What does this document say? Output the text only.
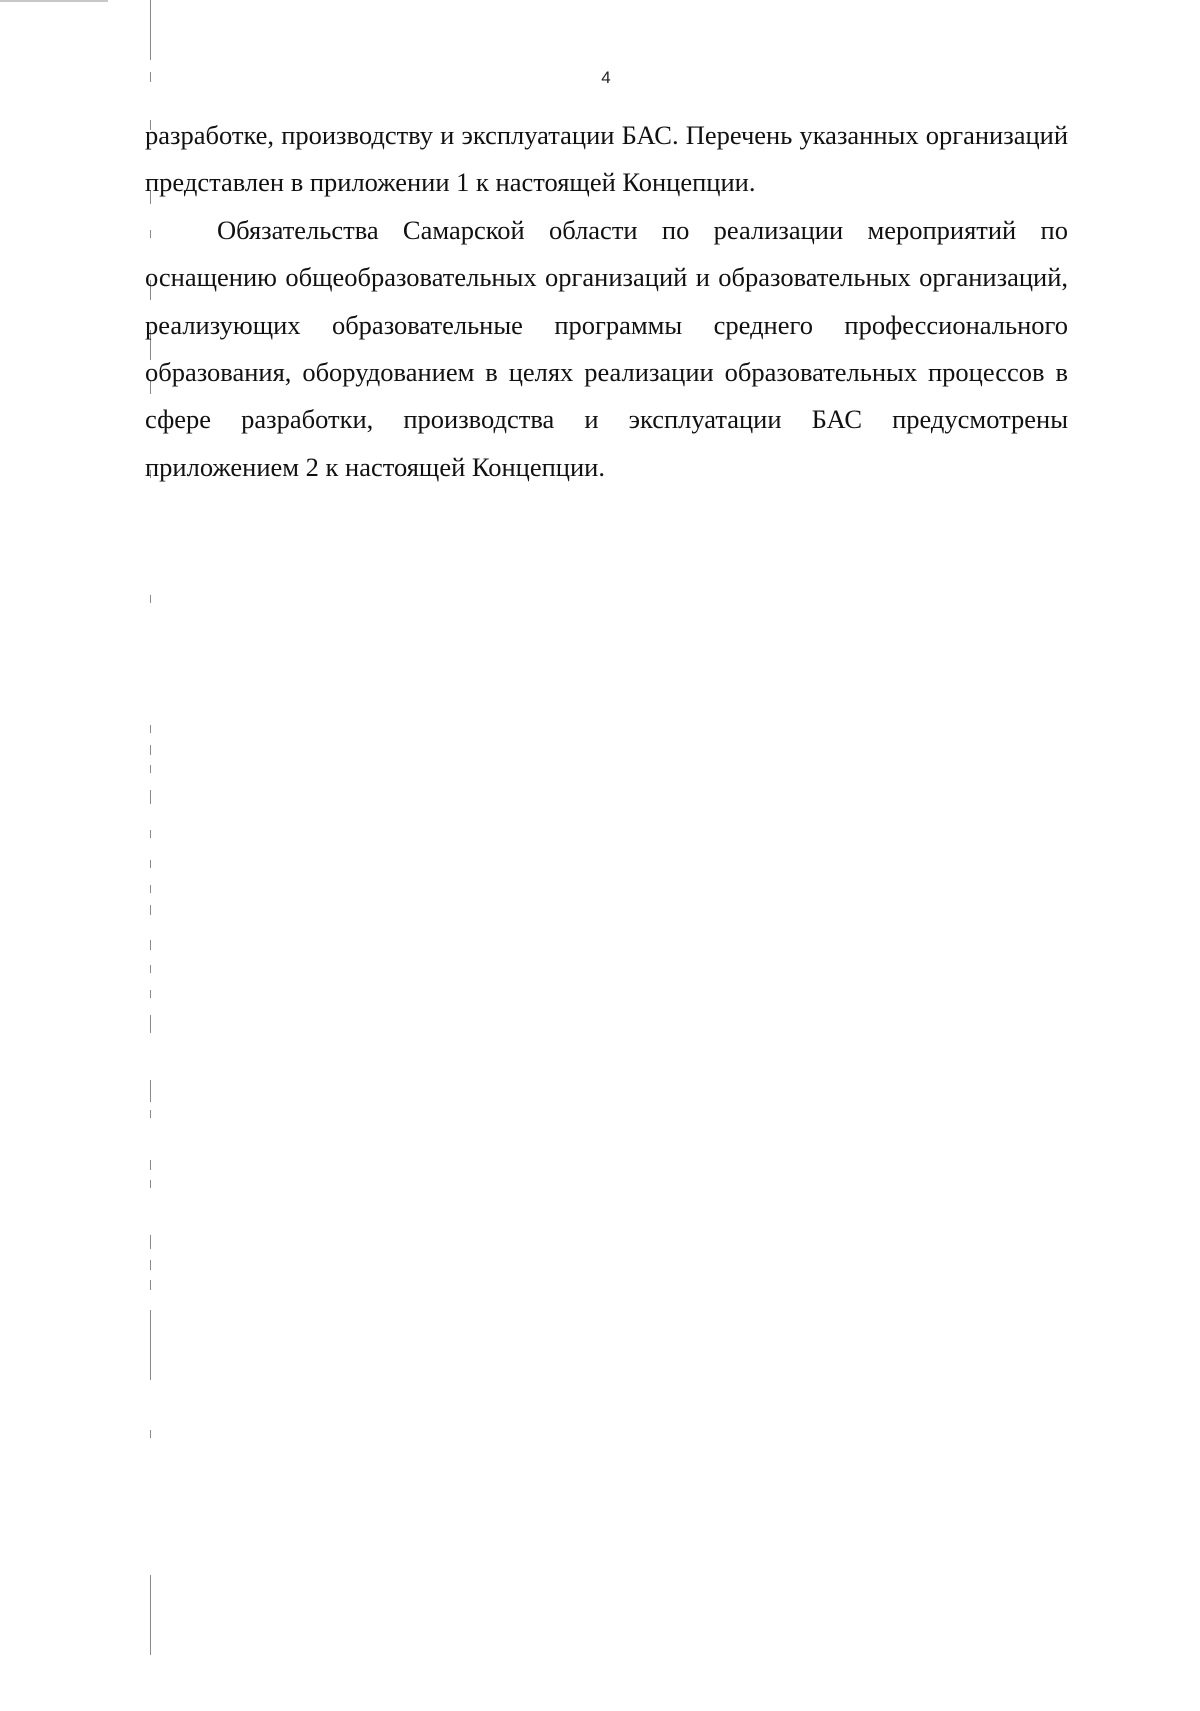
4

разработке, производству и эксплуатации БАС. Перечень указанных организаций представлен в приложении 1 к настоящей Концепции.

Обязательства Самарской области по реализации мероприятий по оснащению общеобразовательных организаций и образовательных организаций, реализующих образовательные программы среднего профессионального образования, оборудованием в целях реализации образовательных процессов в сфере разработки, производства и эксплуатации БАС предусмотрены приложением 2 к настоящей Концепции.
